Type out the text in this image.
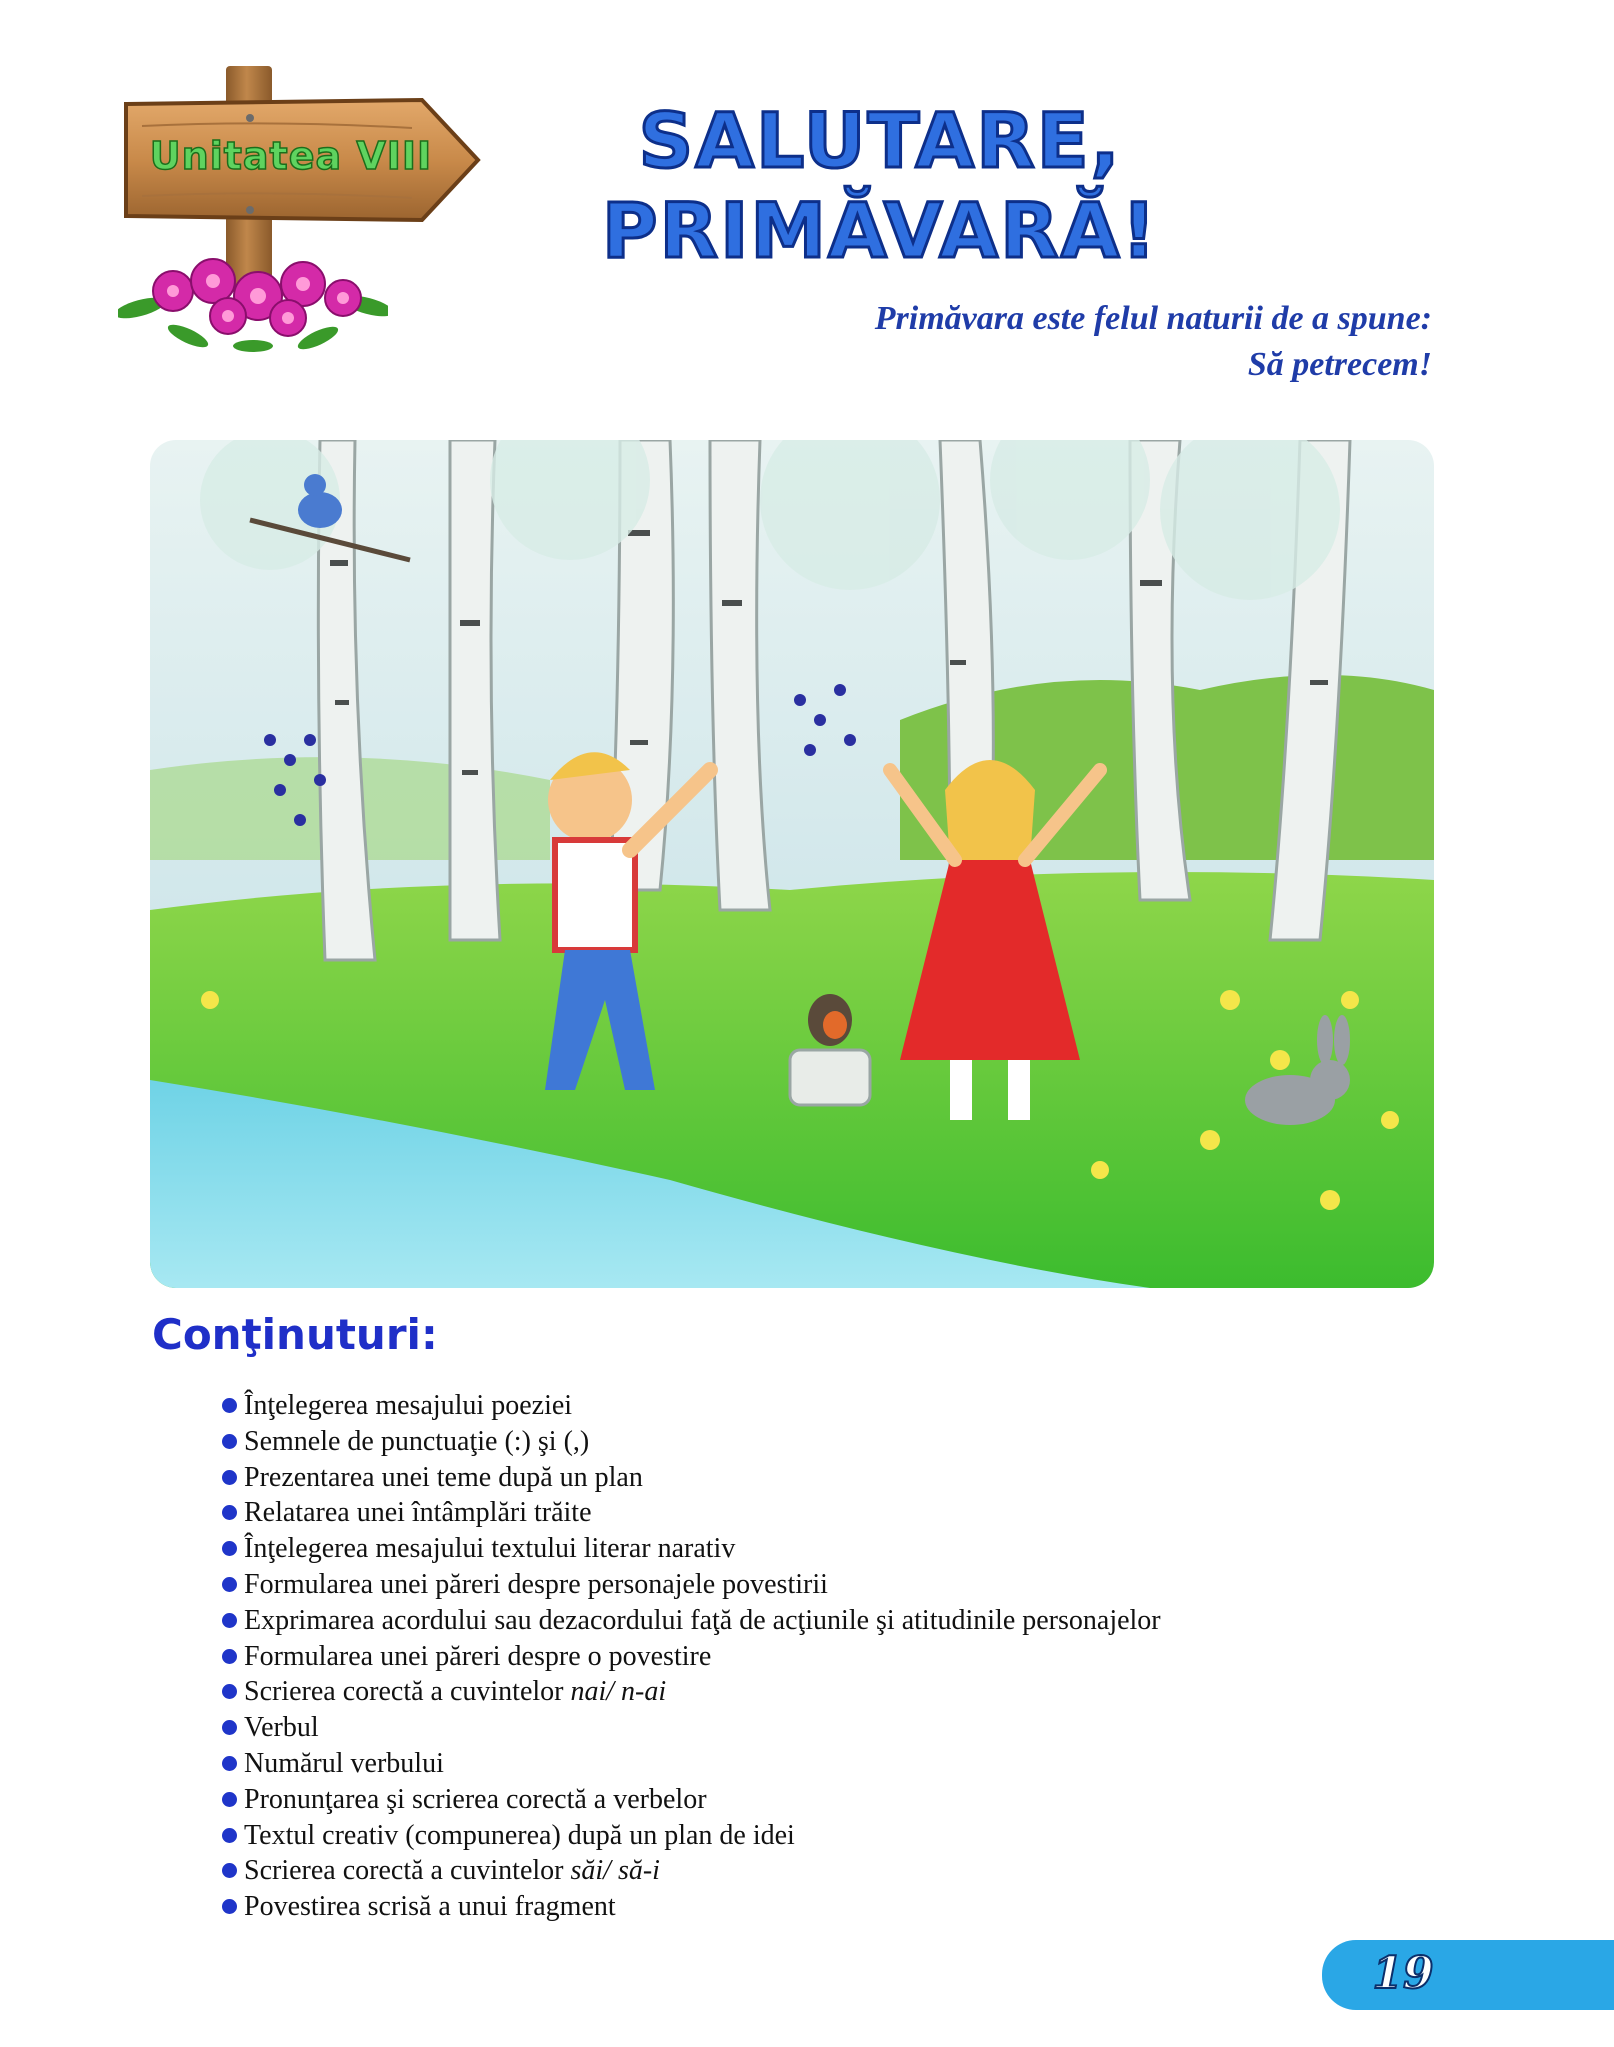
Unitatea VIII	SALUTARE,
PRIMĂVARĂ!
Primăvara este felul naturii de a spune:
Să petrecem!
Conţinuturi:
Înţelegerea mesajului poeziei
Semnele de punctuaţie (:) şi (,)
Prezentarea unei teme după un plan
Relatarea unei întâmplări trăite
Înţelegerea mesajului textului literar narativ
Formularea unei păreri despre personajele povestirii
Exprimarea acordului sau dezacordului faţă de acţiunile şi atitudinile personajelor
Formularea unei păreri despre o povestire
Scrierea corectă a cuvintelor nai/ n-ai
Verbul
Numărul verbului
Pronunţarea şi scrierea corectă a verbelor
Textul creativ (compunerea) după un plan de idei
Scrierea corectă a cuvintelor săi/ să-i
Povestirea scrisă a unui fragment
19
